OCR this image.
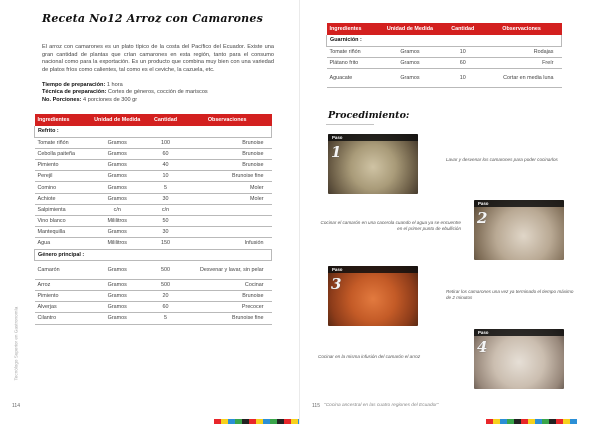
Receta No12 Arroz con Camarones

El arroz con camarones es un plato típico de la costa del Pacífico del Ecuador. Existe una gran cantidad de plantas que crían camarones en esta región, tanto para el consumo nacional como para la exportación. Es un producto que combina muy bien con una variedad de platos fríos como calientes, tal como es el ceviche, la cazuela, etc.

Tiempo de preparación: 1 hora
Técnica de preparación: Cortes de géneros, cocción de mariscos
No. Porciones: 4 porciones de 300 gr
Ingredientes	Unidad de Medida	Cantidad	Observaciones
Refrito :			
Tomate riñón	Gramos	100	Brunoise
Cebolla paiteña	Gramos	60	Brunoise
Pimiento	Gramos	40	Brunoise
Perejil	Gramos	10	Brunoise fine
Comino	Gramos	5	Moler
Achiote	Gramos	30	Moler
Salpimienta	c/n	c/n	
Vino blanco	Mililitros	50	
Mantequilla	Gramos	30	
Agua	Mililitros	150	Infusión
Género principal :			
Camarón	Gramos	500	Desvenar y lavar, sin pelar
Arroz	Gramos	500	Cocinar
Pimiento	Gramos	20	Brunoise
Alverjas	Gramos	60	Precocer
Cilantro	Gramos	5	Brunoise fine
Tecnólogo Superior en Gastronomía
114
Ingredientes	Unidad de Medida	Cantidad	Observaciones
Guarnición :			
Tomate riñón	Gramos	10	Rodajas
Plátano frito	Gramos	60	Freír
Aguacate	Gramos	10	Cortar en media luna
Procedimiento:
Paso
1	Lavar y desvenar los camarones para poder cocinarlos
Paso
2
Cocinar el camarón en una cacerola cuando el agua ya se encuentre en el primer punto de ebullición
Paso
3	Retirar los camarones una vez ya terminado el tiempo máximo de 2 minutos
Paso
4
Cocinar en la misma infusión del camarón el arroz
115 "Cocina ancestral en las cuatro regiones del Ecuador"
